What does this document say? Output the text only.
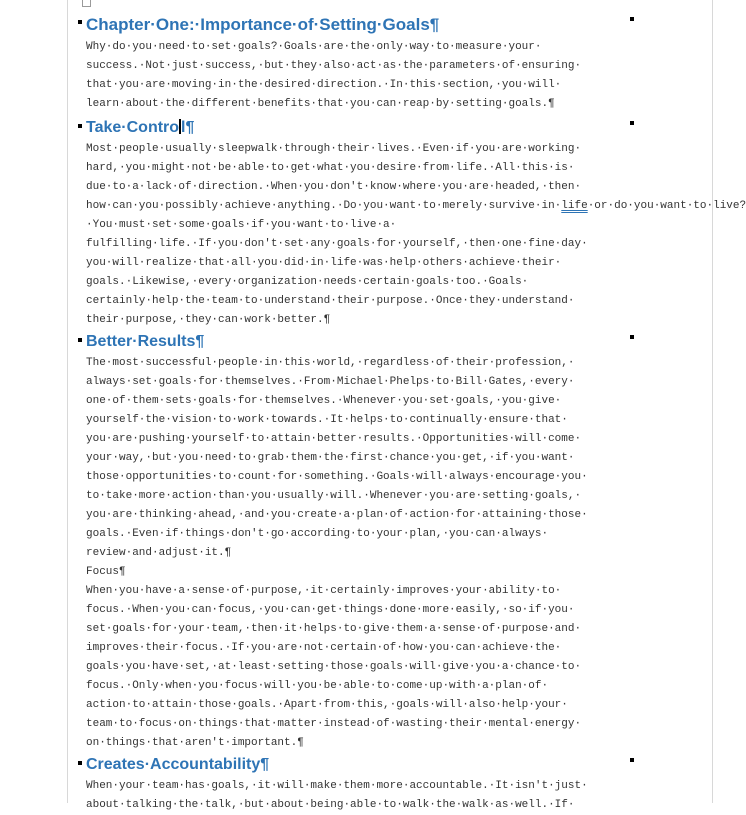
Chapter·One:·Importance·of·Setting·Goals¶

Why·do·you·need·to·set·goals?·Goals·are·the·only·way·to·measure·your· success.·Not·just·success,·but·they·also·act·as·the·parameters·of·ensuring· that·you·are·moving·in·the·desired·direction.·In·this·section,·you·will· learn·about·the·different·benefits·that·you·can·reap·by·setting·goals.¶

Take·Contro l¶

Most·people·usually·sleepwalk·through·their·lives.·Even·if·you·are·working· hard,·you·might·not·be·able·to·get·what·you·desire·from·life.·All·this·is· due·to·a·lack·of·direction.·When·you·don't·know·where·you·are·headed,·then· how·can·you·possibly·achieve·anything.·Do·you·want·to·merely·survive·in·life·or·do·you·want·to·live?·You·must·set·some·goals·if·you·want·to·live·a· fulfilling·life.·If·you·don't·set·any·goals·for·yourself,·then·one·fine·day· you·will·realize·that·all·you·did·in·life·was·help·others·achieve·their· goals.·Likewise,·every·organization·needs·certain·goals·too.·Goals· certainly·help·the·team·to·understand·their·purpose.·Once·they·understand· their·purpose,·they·can·work·better.¶

Better·Results¶

The·most·successful·people·in·this·world,·regardless·of·their·profession,· always·set·goals·for·themselves.·From·Michael·Phelps·to·Bill·Gates,·every· one·of·them·sets·goals·for·themselves.·Whenever·you·set·goals,·you·give· yourself·the·vision·to·work·towards.·It·helps·to·continually·ensure·that· you·are·pushing·yourself·to·attain·better·results.·Opportunities·will·come· your·way,·but·you·need·to·grab·them·the·first·chance·you·get,·if·you·want· those·opportunities·to·count·for·something.·Goals·will·always·encourage·you· to·take·more·action·than·you·usually·will.·Whenever·you·are·setting·goals,· you·are·thinking·ahead,·and·you·create·a·plan·of·action·for·attaining·those· goals.·Even·if·things·don't·go·according·to·your·plan,·you·can·always· review·and·adjust·it.¶

Focus¶

When·you·have·a·sense·of·purpose,·it·certainly·improves·your·ability·to· focus.·When·you·can·focus,·you·can·get·things·done·more·easily,·so·if·you· set·goals·for·your·team,·then·it·helps·to·give·them·a·sense·of·purpose·and· improves·their·focus.·If·you·are·not·certain·of·how·you·can·achieve·the· goals·you·have·set,·at·least·setting·those·goals·will·give·you·a·chance·to· focus.·Only·when·you·focus·will·you·be·able·to·come·up·with·a·plan·of· action·to·attain·those·goals.·Apart·from·this,·goals·will·also·help·your· team·to·focus·on·things·that·matter·instead·of·wasting·their·mental·energy· on·things·that·aren't·important.¶

Creates·Accountability¶

When·your·team·has·goals,·it·will·make·them·more·accountable.·It·isn't·just· about·talking·the·talk,·but·about·being·able·to·walk·the·walk·as·well.·If·
